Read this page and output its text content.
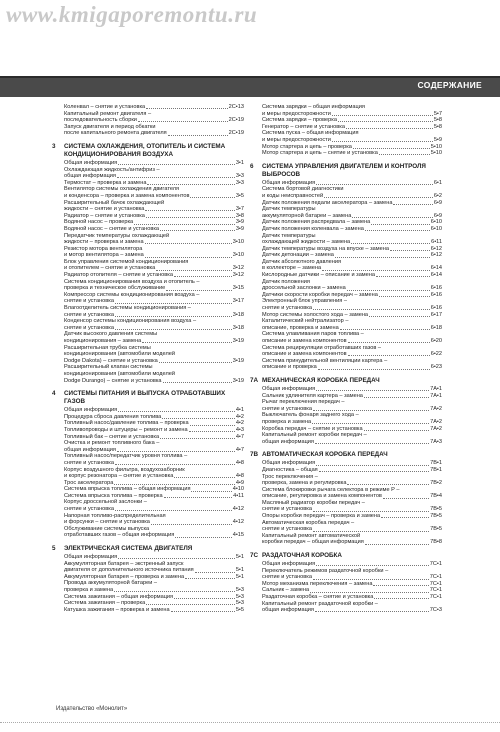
www.kmigaporemontu.ru
СОДЕРЖАНИЕ
Коленвал – снятие и установка	2С•13
Капитальный ремонт двигателя –
последовательность сборки	2С•19
Запуск двигателя и период обкатки
после капитального ремонта двигателя	2С•19
3	СИСТЕМА ОХЛАЖДЕНИЯ, ОТОПИТЕЛЬ И СИСТЕМА КОНДИЦИОНИРОВАНИЯ ВОЗДУХА
Общая информация	3•1
Охлаждающая жидкость/антифриз –
общая информация	3•3
Термостат – проверка и замена	3•3
Вентилятор системы охлаждения двигателя
и конденсора – проверка и замена компонентов	3•5
Расширительный бачок охлаждающей
жидкости – снятие и установка	3•7
Радиатор – снятие и установка	3•8
Водяной насос – проверка	3•9
Водяной насос – снятие и установка	3•9
Передатчик температуры охлаждающей
жидкости – проверка и замена	3•10
Резистор мотора вентилятора
и мотор вентилятора – замена	3•10
Блок управления системой кондиционирования
и отопителем – снятие и установка	3•12
Радиатор отопителя – снятие и установка	3•12
Система кондиционирования воздуха и отопитель –
проверка и техническое обслуживание	3•15
Компрессор системы кондиционирования воздуха –
снятие и установка	3•17
Влагоотделитель системы кондиционирования –
снятие и установка	3•18
Конденсор системы кондиционирования воздуха –
снятие и установка	3•18
Датчик высокого давления системы
кондиционирования – замена	3•19
Расширительная трубка системы
кондиционирования (автомобили моделей
Dodge Dakota) – снятие и установка	3•19
Расширительный клапан системы
кондиционирования (автомобили моделей
Dodge Durango) – снятие и установка	3•19
4	СИСТЕМЫ ПИТАНИЯ И ВЫПУСКА ОТРАБОТАВШИХ ГАЗОВ
Общая информация	4•1
Процедура сброса давления топлива	4•2
Топливный насос/давление топлива – проверка	4•2
Топливопроводы и штуцеры – ремонт и замена	4•3
Топливный бак – снятие и установка	4•7
Очистка и ремонт топливного бака –
общая информация	4•7
Топливный насос/передатчик уровня топлива –
снятие и установка	4•8
Корпус воздушного фильтра, воздухозаборник
и корпус резонатора – снятие и установка	4•8
Трос акселератора	4•9
Система впрыска топлива – общая информация	4•10
Система впрыска топлива – проверка	4•11
Корпус дроссельной заслонки –
снятие и установка	4•12
Напорная топливо-распределительная
и форсунки – снятие и установка	4•12
Обслуживание системы выпуска
отработавших газов – общая информация	4•15
5	ЭЛЕКТРИЧЕСКАЯ СИСТЕМА ДВИГАТЕЛЯ
Общая информация	5•1
Аккумуляторная батарея – экстренный запуск
двигателя от дополнительного источника питания	5•1
Аккумуляторная батарея – проверка и замена	5•1
Провода аккумуляторной батареи –
проверка и замена	5•3
Система зажигания – общая информация	5•3
Система зажигания – проверка	5•3
Катушка зажигания – проверка и замена	5•5
Система зарядки – общая информация
и меры предосторожности	5•7
Система зарядки – проверка	5•8
Генератор – снятие и установка	5•8
Система пуска – общая информация
и меры предосторожности	5•9
Мотор стартера и цепь – проверка	5•10
Мотор стартера и цепь – снятие и установка	5•10
6	СИСТЕМА УПРАВЛЕНИЯ ДВИГАТЕЛЕМ И КОНТРОЛЯ ВЫБРОСОВ
Общая информация	6•1
Система бортовой диагностики
и коды неисправностей	6•2
Датчик положения педали акселератора – замена	6•9
Датчик температуры
аккумуляторной батареи – замена	6•9
Датчик положения распредвала – замена	6•10
Датчик положения коленвала – замена	6•10
Датчик температуры
охлаждающей жидкости – замена	6•11
Датчик температуры воздуха на впуске – замена	6•12
Датчик детонации – замена	6•12
Датчик абсолютного давления
в коллекторе – замена	6•14
Кислородные датчики – описание и замена	6•14
Датчик положения
дроссельной заслонки – замена	6•16
Датчики скорости коробки передач – замена	6•16
Электронный блок управления –
снятие и установка	6•16
Мотор системы холостого хода – замена	6•17
Каталитический нейтрализатор –
описание, проверка и замена	6•18
Система улавливания паров топлива –
описание и замена компонентов	6•20
Система рециркуляции отработавших газов –
описание и замена компонентов	6•22
Система принудительной вентиляции картера –
описание и проверка	6•23
7A МЕХАНИЧЕСКАЯ КОРОБКА ПЕРЕДАЧ
Общая информация	7A•1
Сальник удлинителя картера – замена	7A•1
Рычаг переключения передач –
снятие и установка	7A•2
Выключатель фонаря заднего хода –
проверка и замена	7A•2
Коробка передач – снятие и установка	7A•2
Капитальный ремонт коробки передач –
общая информация	7A•3
7B АВТОМАТИЧЕСКАЯ КОРОБКА ПЕРЕДАЧ
Общая информация	7B•1
Диагностика – общая	7B•1
Трос переключения –
проверка, замена и регулировка	7B•2
Система блокировки рычага селектора в режиме P –
описание, регулировка и замена компонентов	7B•4
Масляный радиатор коробки передач –
снятие и установка	7B•5
Опоры коробки передач – проверка и замена	7B•5
Автоматическая коробка передач –
снятие и установка	7B•5
Капитальный ремонт автоматической
коробки передач – общая информация	7B•8
7C РАЗДАТОЧНАЯ КОРОБКА
Общая информация	7C•1
Переключатель режимов раздаточной коробки –
снятие и установка	7C•1
Мотор механизма переключения – замена	7C•1
Сальник – замена	7C•1
Раздаточная коробка – снятие и установка	7C•1
Капитальный ремонт раздаточной коробки –
общая информация	7C•3
Издательство «Монолит»
